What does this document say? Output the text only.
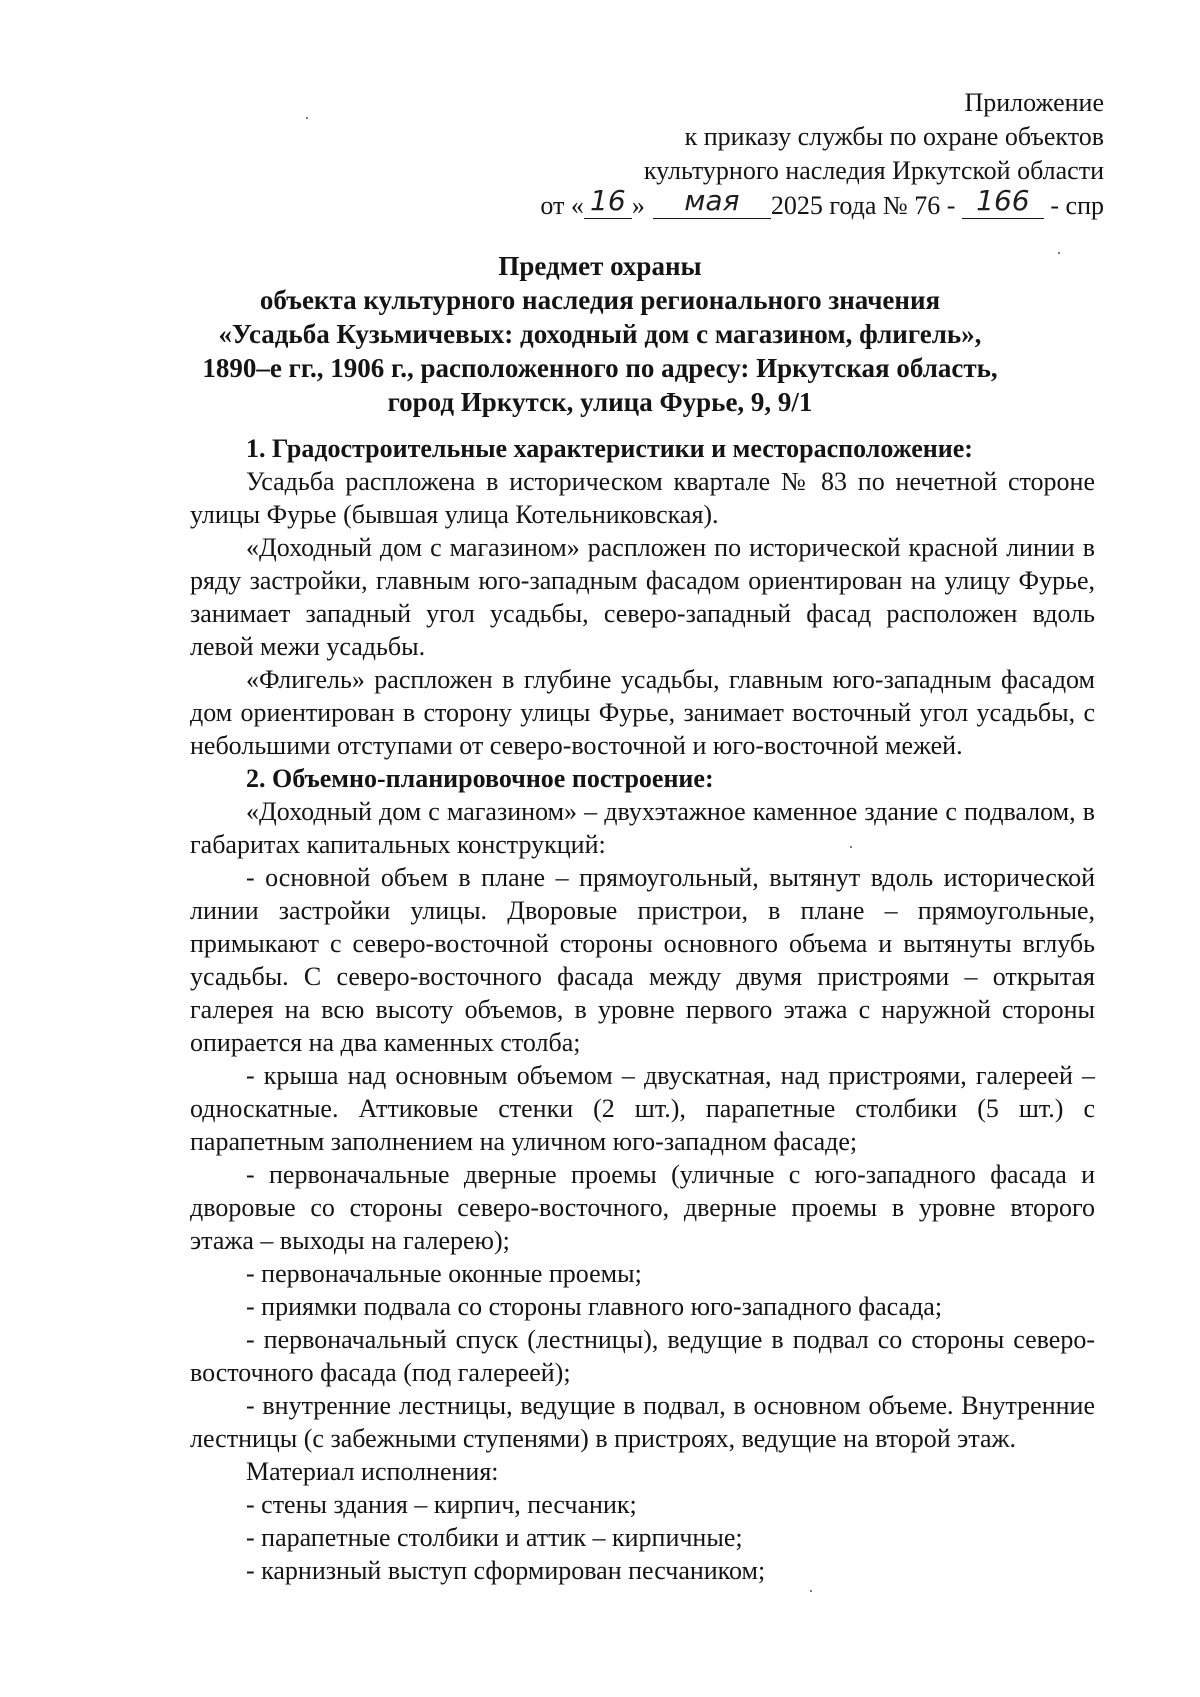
Приложение
к приказу службы по охране объектов
культурного наследия Иркутской области
от « 16 » мая 2025 года № 76 - 166 - спр
Предмет охраны
объекта культурного наследия регионального значения
«Усадьба Кузьмичевых: доходный дом с магазином, флигель»,
1890–е гг., 1906 г., расположенного по адресу: Иркутская область,
город Иркутск, улица Фурье, 9, 9/1

1. Градостроительные характеристики и месторасположение:

Усадьба распложена в историческом квартале № 83 по нечетной стороне улицы Фурье (бывшая улица Котельниковская).

«Доходный дом с магазином» распложен по исторической красной линии в ряду застройки, главным юго-западным фасадом ориентирован на улицу Фурье, занимает западный угол усадьбы, северо-западный фасад расположен вдоль левой межи усадьбы.

«Флигель» распложен в глубине усадьбы, главным юго-западным фасадом дом ориентирован в сторону улицы Фурье, занимает восточный угол усадьбы, с небольшими отступами от северо-восточной и юго-восточной межей.

2. Объемно-планировочное построение:

«Доходный дом с магазином» – двухэтажное каменное здание с подвалом, в габаритах капитальных конструкций:

- основной объем в плане – прямоугольный, вытянут вдоль исторической линии застройки улицы. Дворовые пристрои, в плане – прямоугольные, примыкают с северо-восточной стороны основного объема и вытянуты вглубь усадьбы. С северо-восточного фасада между двумя пристроями – открытая галерея на всю высоту объемов, в уровне первого этажа с наружной стороны опирается на два каменных столба;

- крыша над основным объемом – двускатная, над пристроями, галереей – односкатные. Аттиковые стенки (2 шт.), парапетные столбики (5 шт.) с парапетным заполнением на уличном юго-западном фасаде;

- первоначальные дверные проемы (уличные с юго-западного фасада и дворовые со стороны северо-восточного, дверные проемы в уровне второго этажа – выходы на галерею);

- первоначальные оконные проемы;

- приямки подвала со стороны главного юго-западного фасада;

- первоначальный спуск (лестницы), ведущие в подвал со стороны северо-восточного фасада (под галереей);

- внутренние лестницы, ведущие в подвал, в основном объеме. Внутренние лестницы (с забежными ступенями) в пристроях, ведущие на второй этаж.

Материал исполнения:

- стены здания – кирпич, песчаник;

- парапетные столбики и аттик – кирпичные;

- карнизный выступ сформирован песчаником;
